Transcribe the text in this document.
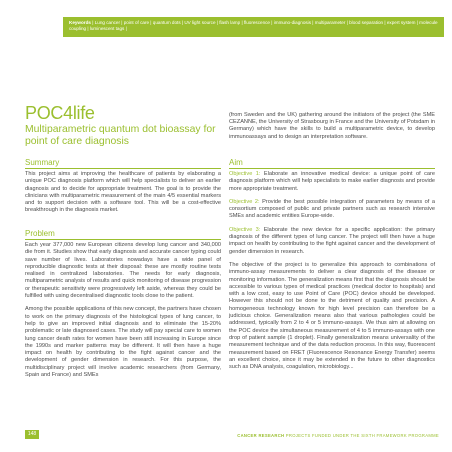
Keywords | Lung cancer | point of care | quantum dots | UV light source | flash lamp | fluorescence | immuno-diagnosis | multiparameter | blood separation | expert system | molecule coupling | luminescent tags |
POC4life
Multiparametric quantum dot bioassay for point of care diagnosis
(from Sweden and the UK) gathering around the initiators of the project (the SME CEZANNE, the University of Strasbourg in France and the University of Potsdam in Germany) which have the skills to build a multiparametric device, to develop immunoassays and to design an interpretation software.
Summary
This project aims at improving the healthcare of patients by elaborating a unique POC diagnosis platform which will help specialists to deliver an earlier diagnosis and to decide for appropriate treatment. The goal is to provide the clinicians with multiparametric measurement of the main 4/5 essential markers and to support decision with a software tool. This will be a cost-effective breakthrough in the diagnosis market.
Problem

Each year 377,000 new European citizens develop lung cancer and 340,000 die from it. Studies show that early diagnosis and accurate cancer typing could save number of lives. Laboratories nowadays have a wide panel of reproducible diagnostic tests at their disposal: these are mostly routine tests realised in centralized laboratories. The needs for early diagnosis, multiparametric analysis of results and quick monitoring of disease progression or therapeutic sensitivity were progressively left aside, whereas they could be fulfilled with using decentralised diagnostic tools close to the patient.

Among the possible applications of this new concept, the partners have chosen to work on the primary diagnosis of the histological types of lung cancer, to help to give an improved initial diagnosis and to eliminate the 15-20% problematic or late diagnosed cases. The study will pay special care to women lung cancer death rates for women have been still increasing in Europe since the 1990s and marker patterns may be different. It will then have a huge impact on health by contributing to the fight against cancer and the development of gender dimension in research. For this purpose, the multidisciplinary project will involve academic researchers (from Germany, Spain and France) and SMEs

Aim

Objective 1: Elaborate an innovative medical device: a unique point of care diagnosis platform which will help specialists to make earlier diagnosis and provide more appropriate treatment.

Objective 2: Provide the best possible integration of parameters by means of a consortium composed of public and private partners such as research intensive SMEs and academic entities Europe-wide.

Objective 3: Elaborate the new device for a specific application: the primary diagnosis of the different types of lung cancer. The project will then have a huge impact on health by contributing to the fight against cancer and the development of gender dimension in research.

The objective of the project is to generalize this approach to combinations of immuno-assay measurements to deliver a clear diagnosis of the disease or monitoring information. The generalization means first that the diagnosis should be accessible to various types of medical practices (medical doctor to hospitals) and with a low cost, easy to use Point of Care (POC) device should be developed. However this should not be done to the detriment of quality and precision. A homogeneous technology known for high level precision can therefore be a judicious choice. Generalization means also that various pathologies could be addressed, typically from 2 to 4 or 5 immuno-assays. We thus aim at allowing on the POC device the simultaneous measurement of 4 to 5 immuno-assays with one drop of patient sample (1 droplet). Finally generalization means universality of the measurement technique and of the data reduction process. In this way, fluorescent measurement based on FRET (Fluorescence Resonance Energy Transfer) seems an excellent choice, since it may be extended in the future to other diagnostics such as DNA analysis, coagulation, microbiology...

148	CANCER RESEARCH PROJECTS FUNDED UNDER THE SIXTH FRAMEWORK PROGRAMME
